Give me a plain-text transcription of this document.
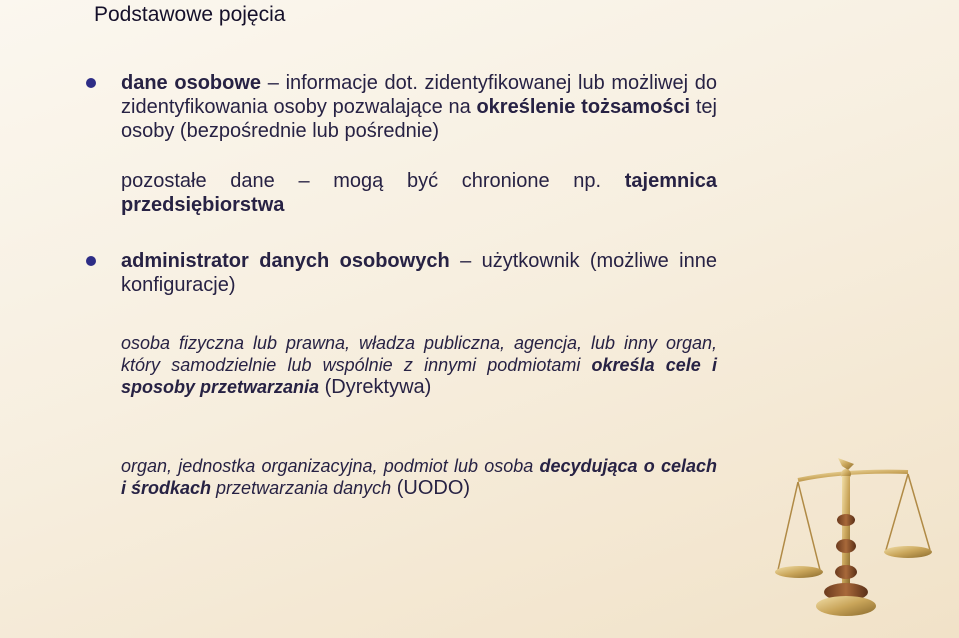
Podstawowe pojęcia

dane osobowe – informacje dot. zidentyfikowanej lub możliwej do zidentyfikowania osoby pozwalające na określenie tożsamości tej osoby (bezpośrednie lub pośrednie)

pozostałe dane – mogą być chronione np. tajemnica przedsiębiorstwa

administrator danych osobowych – użytkownik (możliwe inne konfiguracje)

osoba fizyczna lub prawna, władza publiczna, agencja, lub inny organ, który samodzielnie lub wspólnie z innymi podmiotami określa cele i sposoby przetwarzania (Dyrektywa)

organ, jednostka organizacyjna, podmiot lub osoba decydująca o celach i środkach przetwarzania danych (UODO)
